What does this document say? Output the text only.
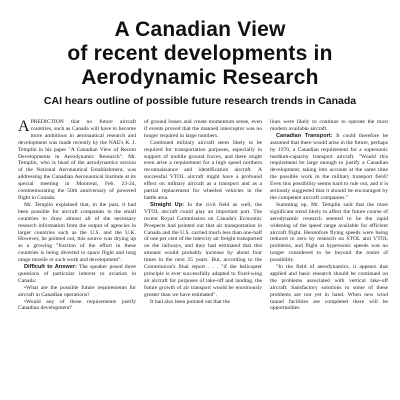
A Canadian View
of recent developments in
Aerodynamic Research
CAI hears outline of possible future research trends in Canada

APREDICTION that no future aircraft countries, such as Canada will have to become more ambitious in aeronautical research and development was made recently by the NAE's K. J. Templin in his paper "A Canadian View of Recent Developments in Aerodynamic Research". Mr. Templin, who is head of the aerodynamics section of the National Aeronautical Establishment, was addressing the Canadian Aeronautical Institute at its special meeting in Montreal, Feb. 23-24, commemorating the 50th anniversary of powered flight in Canada.

Mr. Templin explained that, in the past, it had been possible for aircraft companies in the small countries to draw almost all of the necessary research information from the output of agencies in larger countries such as the U.S. and the U.K. However, he pointed out, this source was drying up as a growing "fraction of the effort in these countries is being diverted to space flight and long range missile or such work and development".

Difficult to Answer: The speaker posed three questions of particular interest to aviation in Canada:

•What are the possible future requirements for aircraft in Canadian operations?

•Would any of these requirements justify Canadian development?

of ground losses and create momentum sense, even if events proved that the manned interceptor was no longer required in large numbers.

Continued military aircraft seem likely to be required for transportation purposes, especially in support of mobile ground forces, and there might even arise a requirement for a high speed northern reconnaissance and identification aircraft. A successful VTOL aircraft might have a profound effect on military aircraft as a transport and as a partial replacement for wheeled vehicles in the battle area.

Straight Up: In the civil field as well, the VTOL aircraft could play an important part. The recent Royal Commission on Canada's Economic Prospects had pointed out that air transportation in Canada and the U.S. carried much less than one-half of one per cent of the intercity air freight transported on the railways, and they had estimated that this amount would probably increase by about four times in the next 25 years. But, according to the Commission's final report . . . "if the helicopter principle is ever successfully adapted to fixed-wing air aircraft for purposes of take-off and landing, the future growth of air transport would be enormously greater than we have estimated".

It had also been pointed out that the

lines were likely to continue to operate the most modern available aircraft.

Canadian Transport: It could therefore be assumed that there would arise in the future, perhaps by 1970, a Canadian requirement for a supersonic medium-capacity transport aircraft. "Would this requirement be large enough to justify a Canadian development, taking into account at the same time the possible work in the military transport field? Even this possibility seems hard to rule out, and it is seriously suggested that it should be encouraged by the competent aircraft companies."

Summing up, Mr. Templin said that the most significant trend likely to affect the future course of aerodynamic research seemed to be the rapid widening of the speed range available for efficient aircraft flight. Heretofore flying speeds were being reduced to zero by research on STOL and VTOL problems, and flight at hypersonic speeds was no longer considered to be beyond the realm of possibility.

"In the field of aerodynamics, it appears that applied and basic research should be continued on the problems associated with vertical take-off aircraft. Satisfactory solutions to some of these problems are not yet in hand. When new wind tunnel facilities are completed there will be opportunities
